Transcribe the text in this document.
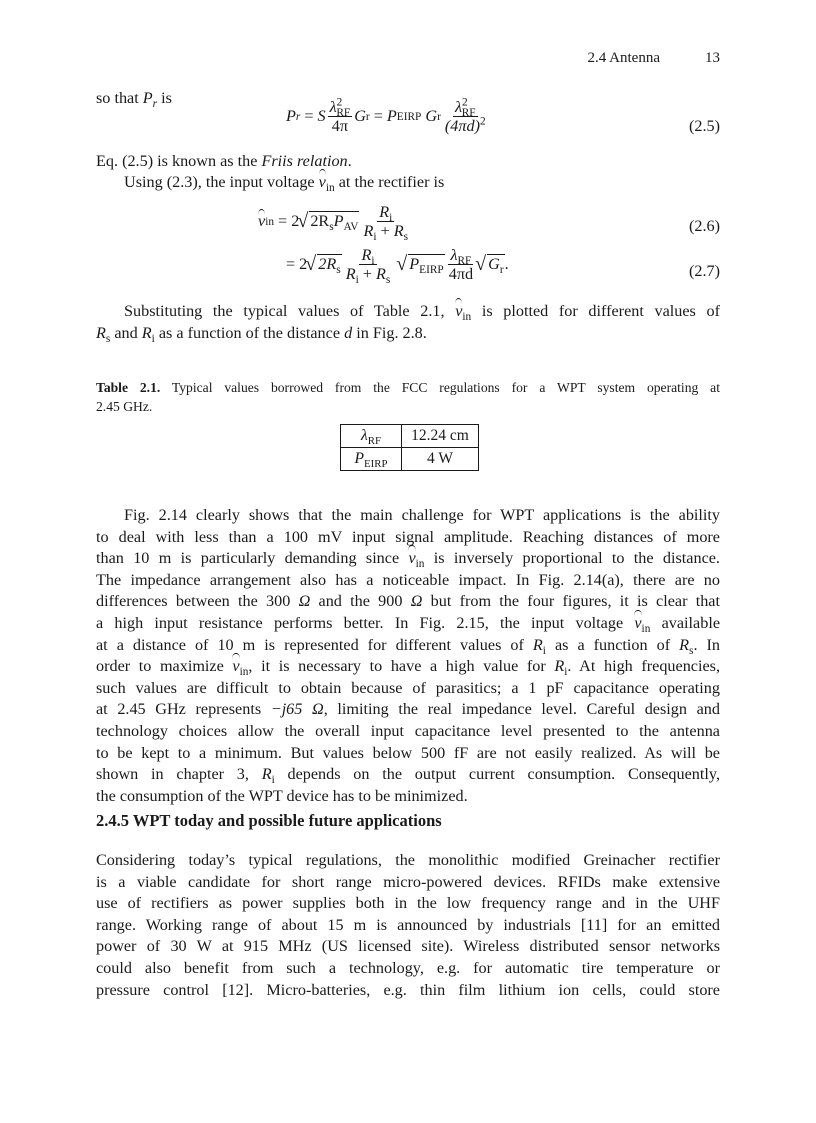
2.4 Antenna	13
so that $P_r$ is
P r = S $\frac{\lambda^2_{RF}}{4\pi}$ G r = P EIRP G r $\frac{\lambda^2_{RF}}{(4\pi d)^2}$	(2.5)
Eq. (2.5) is known as the Friis relation.
Using (2.3), the input voltage $v_{in}$ at the rectifier is
v in = 2 √ $2R_sP_{AV} \frac{R_i}{R_i + R_s}$	(2.6)
= 2 √ $2R_s \frac{R_i}{R_i + R_s}$	√ $P_{EIRP} \frac{\lambda_{RF}}{4\pi d}$ √ $G_r$ .	(2.7)
Substituting the typical values of Table 2.1, $v_{in}$ is plotted for different values of
$R_s$ and $R_i$ as a function of the distance d in Fig. 2.8.
Table 2.1. Typical values borrowed from the FCC regulations for a WPT system operating at
2.45 GHz.
$\lambda_{RF}$	12.24 cm
$P_{EIRP}$	4 W
Fig. 2.14 clearly shows that the main challenge for WPT applications is the ability
to deal with less than a 100 mV input signal amplitude. Reaching distances of more
than 10 m is particularly demanding since $v_{in}$ is inversely proportional to the distance.
The impedance arrangement also has a noticeable impact. In Fig. 2.14(a), there are no
differences between the 300 Ω and the 900 Ω but from the four figures, it is clear that
a high input resistance performs better. In Fig. 2.15, the input voltage $v_{in}$ available
at a distance of 10 m is represented for different values of $R_i$ as a function of $R_s$. In
order to maximize $v_{in}$, it is necessary to have a high value for $R_i$. At high frequencies,
such values are difficult to obtain because of parasitics; a 1 pF capacitance operating
at 2.45 GHz represents −j65 Ω, limiting the real impedance level. Careful design and
technology choices allow the overall input capacitance level presented to the antenna
to be kept to a minimum. But values below 500 fF are not easily realized. As will be
shown in chapter 3, $R_i$ depends on the output current consumption. Consequently,
the consumption of the WPT device has to be minimized.
2.4.5 WPT today and possible future applications
Considering today’s typical regulations, the monolithic modified Greinacher rectifier
is a viable candidate for short range micro-powered devices. RFIDs make extensive
use of rectifiers as power supplies both in the low frequency range and in the UHF
range. Working range of about 15 m is announced by industrials [11] for an emitted
power of 30 W at 915 MHz (US licensed site). Wireless distributed sensor networks
could also benefit from such a technology, e.g. for automatic tire temperature or
pressure control [12]. Micro-batteries, e.g. thin film lithium ion cells, could store
